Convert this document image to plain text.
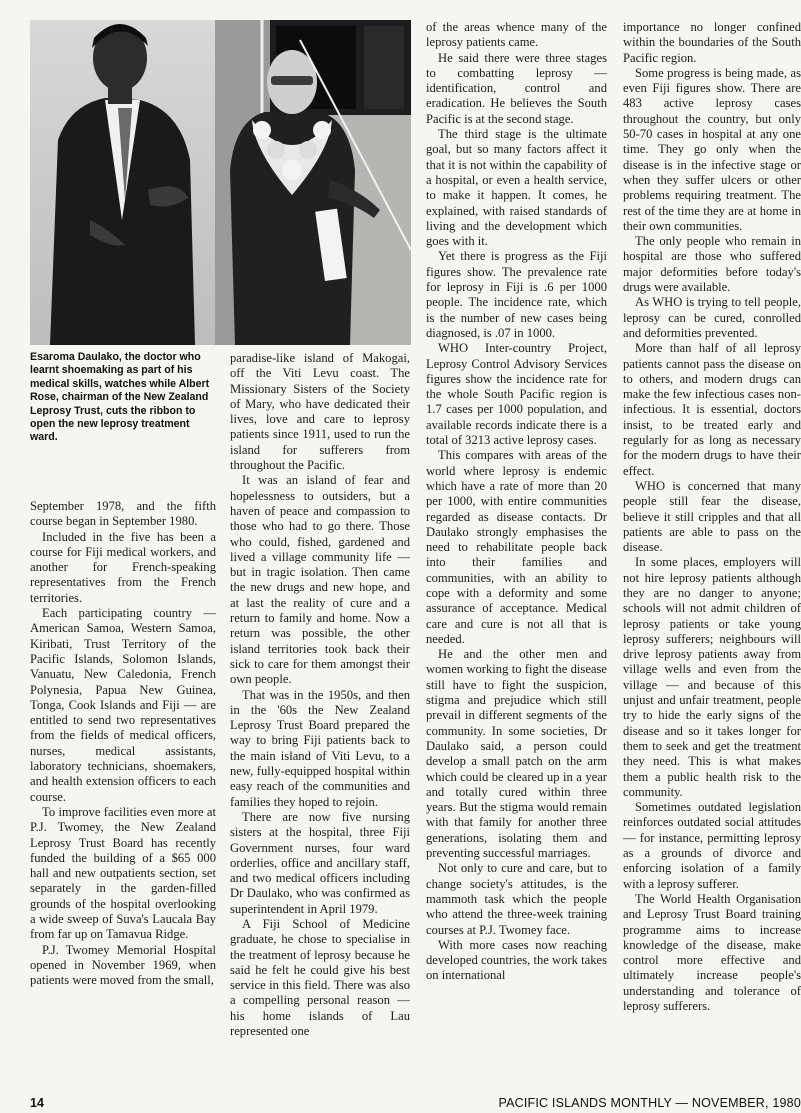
Esaroma Daulako, the doctor who learnt shoemaking as part of his medical skills, watches while Albert Rose, chairman of the New Zealand Leprosy Trust, cuts the ribbon to open the new leprosy treatment ward.

September 1978, and the fifth course began in September 1980.

Included in the five has been a course for Fiji medical workers, and another for French-speaking representatives from the French territories.

Each participating country — American Samoa, Western Samoa, Kiribati, Trust Territory of the Pacific Islands, Solomon Islands, Vanuatu, New Caledonia, French Polynesia, Papua New Guinea, Tonga, Cook Islands and Fiji — are entitled to send two representatives from the fields of medical officers, nurses, medical assistants, laboratory technicians, shoemakers, and health extension officers to each course.

To improve facilities even more at P.J. Twomey, the New Zealand Leprosy Trust Board has recently funded the building of a $65 000 hall and new outpatients section, set separately in the garden-filled grounds of the hospital overlooking a wide sweep of Suva's Laucala Bay from far up on Tamavua Ridge.

P.J. Twomey Memorial Hospital opened in November 1969, when patients were moved from the small,

paradise-like island of Makogai, off the Viti Levu coast. The Missionary Sisters of the Society of Mary, who have dedicated their lives, love and care to leprosy patients since 1911, used to run the island for sufferers from throughout the Pacific.

It was an island of fear and hopelessness to outsiders, but a haven of peace and compassion to those who had to go there. Those who could, fished, gardened and lived a village community life — but in tragic isolation. Then came the new drugs and new hope, and at last the reality of cure and a return to family and home. Now a return was possible, the other island territories took back their sick to care for them amongst their own people.

That was in the 1950s, and then in the '60s the New Zealand Leprosy Trust Board prepared the way to bring Fiji patients back to the main island of Viti Levu, to a new, fully-equipped hospital within easy reach of the communities and families they hoped to rejoin.

There are now five nursing sisters at the hospital, three Fiji Government nurses, four ward orderlies, office and ancillary staff, and two medical officers including Dr Daulako, who was confirmed as superintendent in April 1979.

A Fiji School of Medicine graduate, he chose to specialise in the treatment of leprosy because he said he felt he could give his best service in this field. There was also a compelling personal reason — his home islands of Lau represented one

of the areas whence many of the leprosy patients came.

He said there were three stages to combatting leprosy — identification, control and eradication. He believes the South Pacific is at the second stage.

The third stage is the ultimate goal, but so many factors affect it that it is not within the capability of a hospital, or even a health service, to make it happen. It comes, he explained, with raised standards of living and the development which goes with it.

Yet there is progress as the Fiji figures show. The prevalence rate for leprosy in Fiji is .6 per 1000 people. The incidence rate, which is the number of new cases being diagnosed, is .07 in 1000.

WHO Inter-country Project, Leprosy Control Advisory Services figures show the incidence rate for the whole South Pacific region is 1.7 cases per 1000 population, and available records indicate there is a total of 3213 active leprosy cases.

This compares with areas of the world where leprosy is endemic which have a rate of more than 20 per 1000, with entire communities regarded as disease contacts. Dr Daulako strongly emphasises the need to rehabilitate people back into their families and communities, with an ability to cope with a deformity and some assurance of acceptance. Medical care and cure is not all that is needed.

He and the other men and women working to fight the disease still have to fight the suspicion, stigma and prejudice which still prevail in different segments of the community. In some societies, Dr Daulako said, a person could develop a small patch on the arm which could be cleared up in a year and totally cured within three years. But the stigma would remain with that family for another three generations, isolating them and preventing successful marriages.

Not only to cure and care, but to change society's attitudes, is the mammoth task which the people who attend the three-week training courses at P.J. Twomey face.

With more cases now reaching developed countries, the work takes on international

importance no longer confined within the boundaries of the South Pacific region.

Some progress is being made, as even Fiji figures show. There are 483 active leprosy cases throughout the country, but only 50-70 cases in hospital at any one time. They go only when the disease is in the infective stage or when they suffer ulcers or other problems requiring treatment. The rest of the time they are at home in their own communities.

The only people who remain in hospital are those who suffered major deformities before today's drugs were available.

As WHO is trying to tell people, leprosy can be cured, conrolled and deformities prevented.

More than half of all leprosy patients cannot pass the disease on to others, and modern drugs can make the few infectious cases non-infectious. It is essential, doctors insist, to be treated early and regularly for as long as necessary for the modern drugs to have their effect.

WHO is concerned that many people still fear the disease, believe it still cripples and that all patients are able to pass on the disease.

In some places, employers will not hire leprosy patients although they are no danger to anyone; schools will not admit children of leprosy patients or take young leprosy sufferers; neighbours will drive leprosy patients away from village wells and even from the village — and because of this unjust and unfair treatment, people try to hide the early signs of the disease and so it takes longer for them to seek and get the treatment they need. This is what makes them a public health risk to the community.

Sometimes outdated legislation reinforces outdated social attitudes — for instance, permitting leprosy as a grounds of divorce and enforcing isolation of a family with a leprosy sufferer.

The World Health Organisation and Leprosy Trust Board training programme aims to increase knowledge of the disease, make control more effective and ultimately increase people's understanding and tolerance of leprosy sufferers.

14	PACIFIC ISLANDS MONTHLY — NOVEMBER, 1980
